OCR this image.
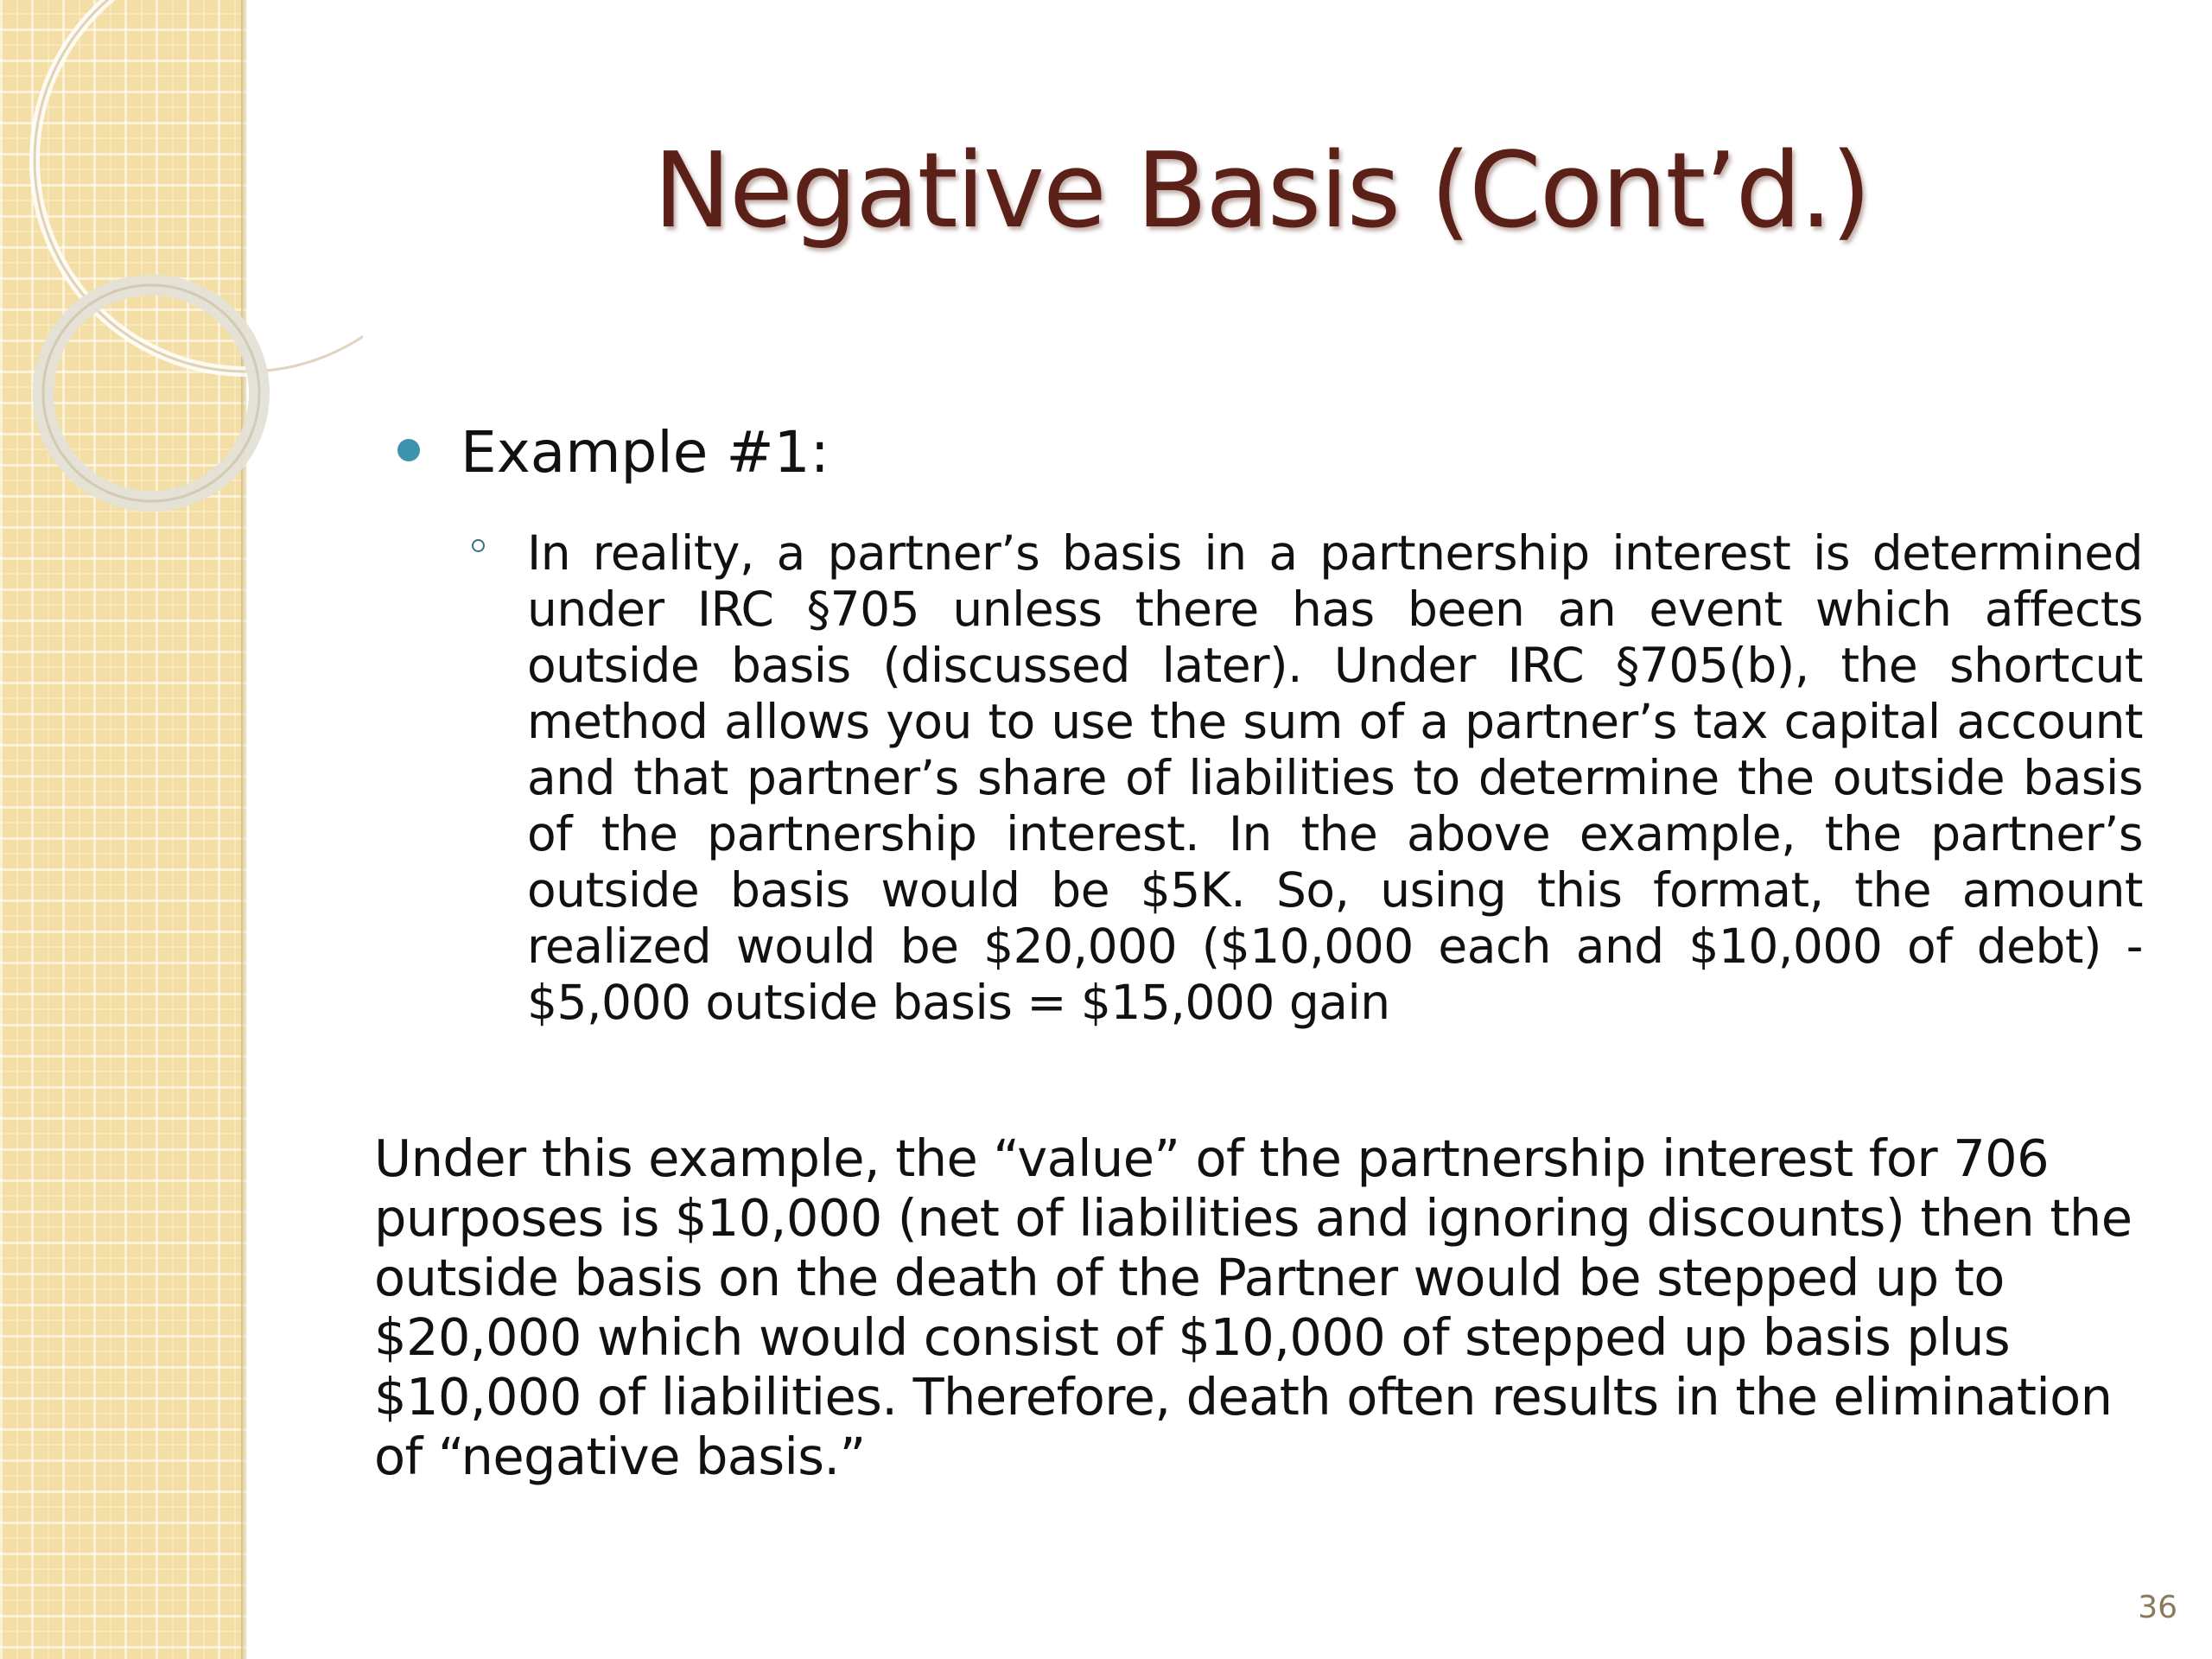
Negative Basis (Cont’d.)
Example #1:
In reality, a partner’s basis in a partnership interest is determined under IRC §705 unless there has been an event which affects outside basis (discussed later). Under IRC §705(b), the shortcut method allows you to use the sum of a partner’s tax capital account and that partner’s share of liabilities to determine the outside basis of the partnership interest. In the above example, the partner’s outside basis would be $5K. So, using this format, the amount realized would be $20,000 ($10,000 each and $10,000 of debt) - $5,000 outside basis = $15,000 gain
Under this example, the “value” of the partnership interest for 706 purposes is $10,000 (net of liabilities and ignoring discounts) then the outside basis on the death of the Partner would be stepped up to $20,000 which would consist of $10,000 of stepped up basis plus $10,000 of liabilities. Therefore, death often results in the elimination of “negative basis.”
36
